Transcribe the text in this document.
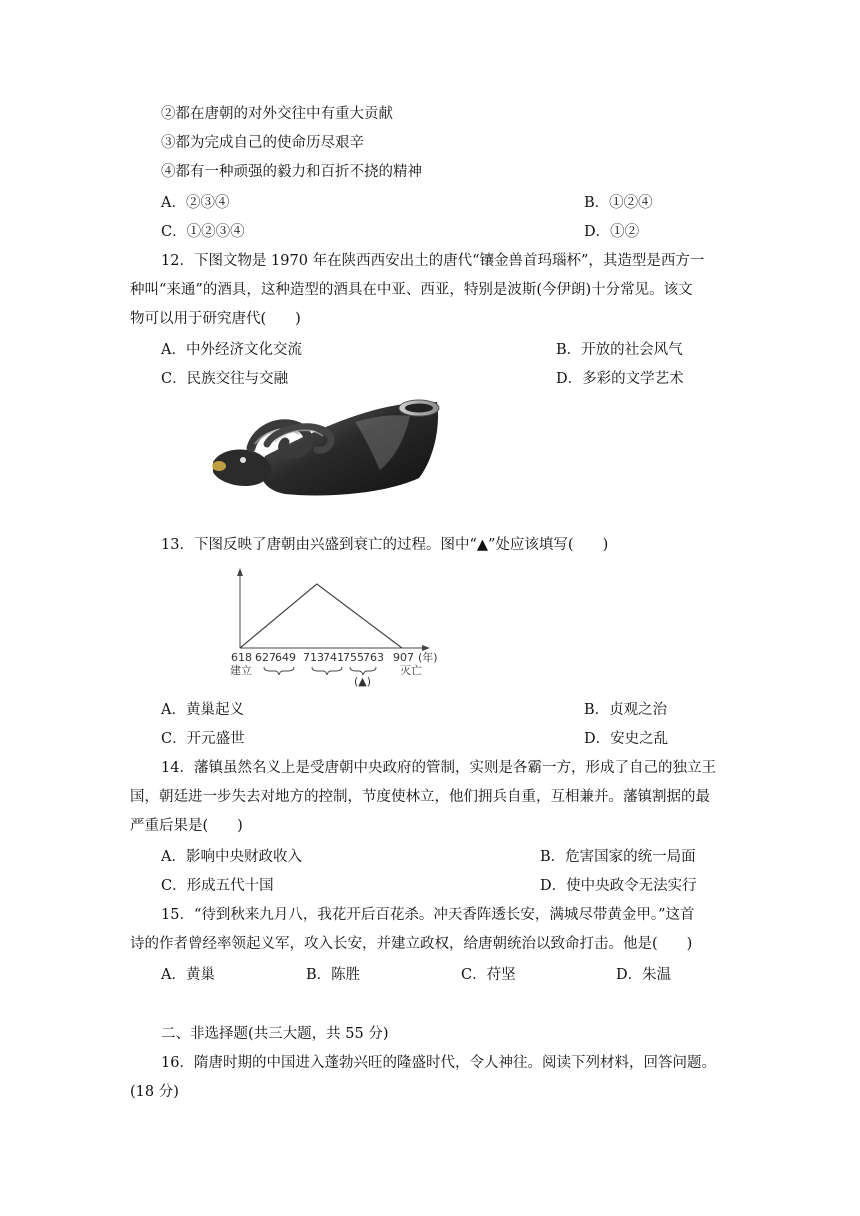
②都在唐朝的对外交往中有重大贡献
③都为完成自己的使命历尽艰辛
④都有一种顽强的毅力和百折不挠的精神
A．②③④	B．①②④
C．①②③④	D．①②
12．下图文物是 1970 年在陕西西安出土的唐代“镶金兽首玛瑙杯”，其造型是西方一
种叫“来通”的酒具，这种造型的酒具在中亚、西亚，特别是波斯(今伊朗)十分常见。该文
物可以用于研究唐代(　　)
A．中外经济文化交流	B．开放的社会风气
C．民族交往与交融	D．多彩的文学艺术
13．下图反映了唐朝由兴盛到衰亡的过程。图中“▲”处应该填写(　　)
618 627 649 713 741 755 763 907 (年)
建立	灭亡
(▲)
A．黄巢起义	B．贞观之治
C．开元盛世	D．安史之乱
14．藩镇虽然名义上是受唐朝中央政府的管制，实则是各霸一方，形成了自己的独立王
国，朝廷进一步失去对地方的控制，节度使林立，他们拥兵自重，互相兼并。藩镇割据的最
严重后果是(　　)
A．影响中央财政收入	B．危害国家的统一局面
C．形成五代十国	D．使中央政令无法实行
15．“待到秋来九月八，我花开后百花杀。冲天香阵透长安，满城尽带黄金甲。”这首
诗的作者曾经率领起义军，攻入长安，并建立政权，给唐朝统治以致命打击。他是(　　)
A．黄巢	B．陈胜	C．苻坚	D．朱温
二、非选择题(共三大题，共 55 分)
16．隋唐时期的中国进入蓬勃兴旺的隆盛时代，令人神往。阅读下列材料，回答问题。
(18 分)
